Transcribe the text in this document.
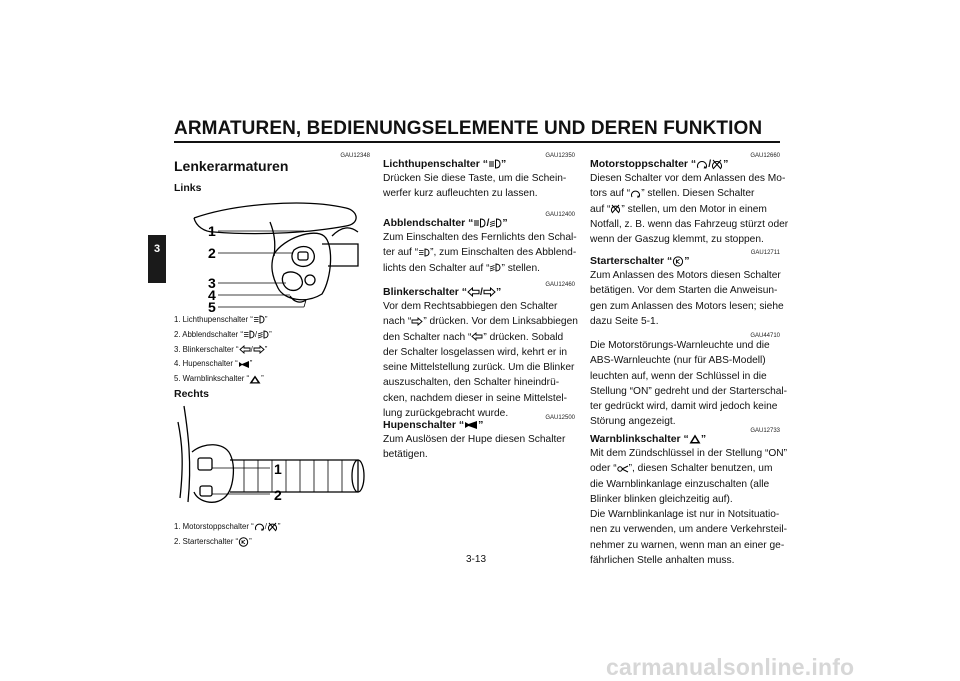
ARMATUREN, BEDIENUNGSELEMENTE UND DEREN FUNKTION
3
GAU12348
Lenkerarmaturen
Links
1
2
3
4
5
1. Lichthupenschalter “ ”
2. Abblendschalter “ / ”
3. Blinkerschalter “ / ”
4. Hupenschalter “ ”
5. Warnblinkschalter “ ”
Rechts
1
2
1. Motorstoppschalter “ / ”
2. Starterschalter “ ”
GAU12350
Lichthupenschalter “ ”
Drücken Sie diese Taste, um die Schein-
werfer kurz aufleuchten zu lassen.
GAU12400
Abblendschalter “ / ”
Zum Einschalten des Fernlichts den Schal-
ter auf “ ”, zum Einschalten des Abblend-
lichts den Schalter auf “ ” stellen.
GAU12460
Blinkerschalter “ / ”
Vor dem Rechtsabbiegen den Schalter
nach “ ” drücken. Vor dem Linksabbiegen
den Schalter nach “ ” drücken. Sobald
der Schalter losgelassen wird, kehrt er in
seine Mittelstellung zurück. Um die Blinker
auszuschalten, den Schalter hineindrü-
cken, nachdem dieser in seine Mittelstel-
lung zurückgebracht wurde.	GAU12500
Hupenschalter “ ”
Zum Auslösen der Hupe diesen Schalter
betätigen.
3-13
GAU12660
Motorstoppschalter “ / ”
Diesen Schalter vor dem Anlassen des Mo-
tors auf “ ” stellen. Diesen Schalter
auf “ ” stellen, um den Motor in einem
Notfall, z. B. wenn das Fahrzeug stürzt oder
wenn der Gaszug klemmt, zu stoppen.
GAU12711
Starterschalter “ ”
Zum Anlassen des Motors diesen Schalter
betätigen. Vor dem Starten die Anweisun-
gen zum Anlassen des Motors lesen; siehe
dazu Seite 5-1.
GAU44710
Die Motorstörungs-Warnleuchte und die
ABS-Warnleuchte (nur für ABS-Modell)
leuchten auf, wenn der Schlüssel in die
Stellung “ON” gedreht und der Starterschal-
ter gedrückt wird, damit wird jedoch keine
Störung angezeigt.
GAU12733
Warnblinkschalter “ ”
Mit dem Zündschlüssel in der Stellung “ON”
oder “ ”, diesen Schalter benutzen, um
die Warnblinkanlage einzuschalten (alle
Blinker blinken gleichzeitig auf).
Die Warnblinkanlage ist nur in Notsituatio-
nen zu verwenden, um andere Verkehrsteil-
nehmer zu warnen, wenn man an einer ge-
fährlichen Stelle anhalten muss.
carmanualsonline.info
